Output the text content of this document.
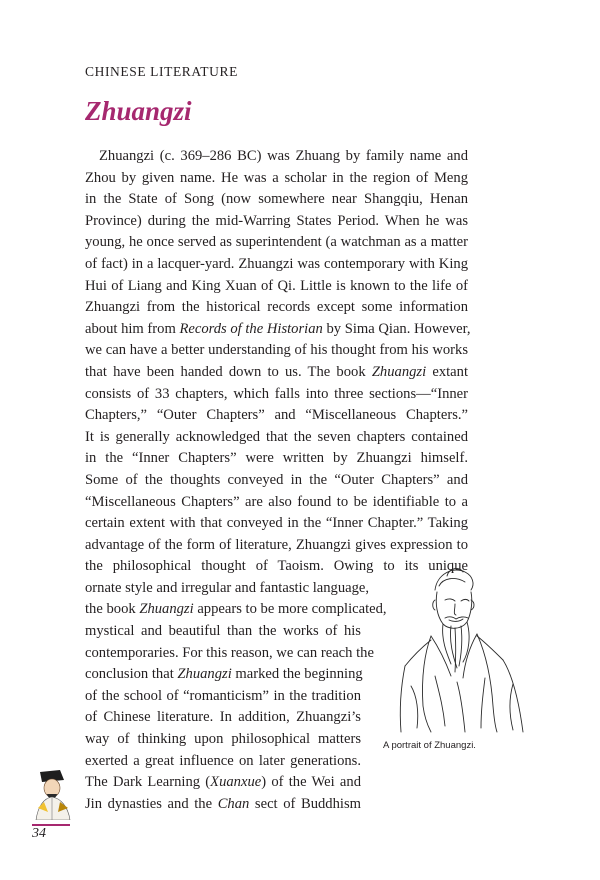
CHINESE LITERATURE
Zhuangzi
Zhuangzi (c. 369–286 BC) was Zhuang by family name and
Zhou by given name. He was a scholar in the region of Meng
in the State of Song (now somewhere near Shangqiu, Henan
Province) during the mid-Warring States Period. When he was
young, he once served as superintendent (a watchman as a matter
of fact) in a lacquer-yard. Zhuangzi was contemporary with King
Hui of Liang and King Xuan of Qi. Little is known to the life of
Zhuangzi from the historical records except some information
about him from Records of the Historian by Sima Qian. However,
we can have a better understanding of his thought from his works
that have been handed down to us. The book Zhuangzi extant
consists of 33 chapters, which falls into three sections—“Inner
Chapters,” “Outer Chapters” and “Miscellaneous Chapters.”
It is generally acknowledged that the seven chapters contained
in the “Inner Chapters” were written by Zhuangzi himself.
Some of the thoughts conveyed in the “Outer Chapters” and
“Miscellaneous Chapters” are also found to be identifiable to a
certain extent with that conveyed in the “Inner Chapter.” Taking
advantage of the form of literature, Zhuangzi gives expression to
the philosophical thought of Taoism. Owing to its unique
ornate style and irregular and fantastic language,
the book Zhuangzi appears to be more complicated,
mystical and beautiful than the works of his
contemporaries. For this reason, we can reach the
conclusion that Zhuangzi marked the beginning
of the school of “romanticism” in the tradition
of Chinese literature. In addition, Zhuangzi’s
way of thinking upon philosophical matters
exerted a great influence on later generations.
The Dark Learning (Xuanxue) of the Wei and
Jin dynasties and the Chan sect of Buddhism
A portrait of Zhuangzi.
34
